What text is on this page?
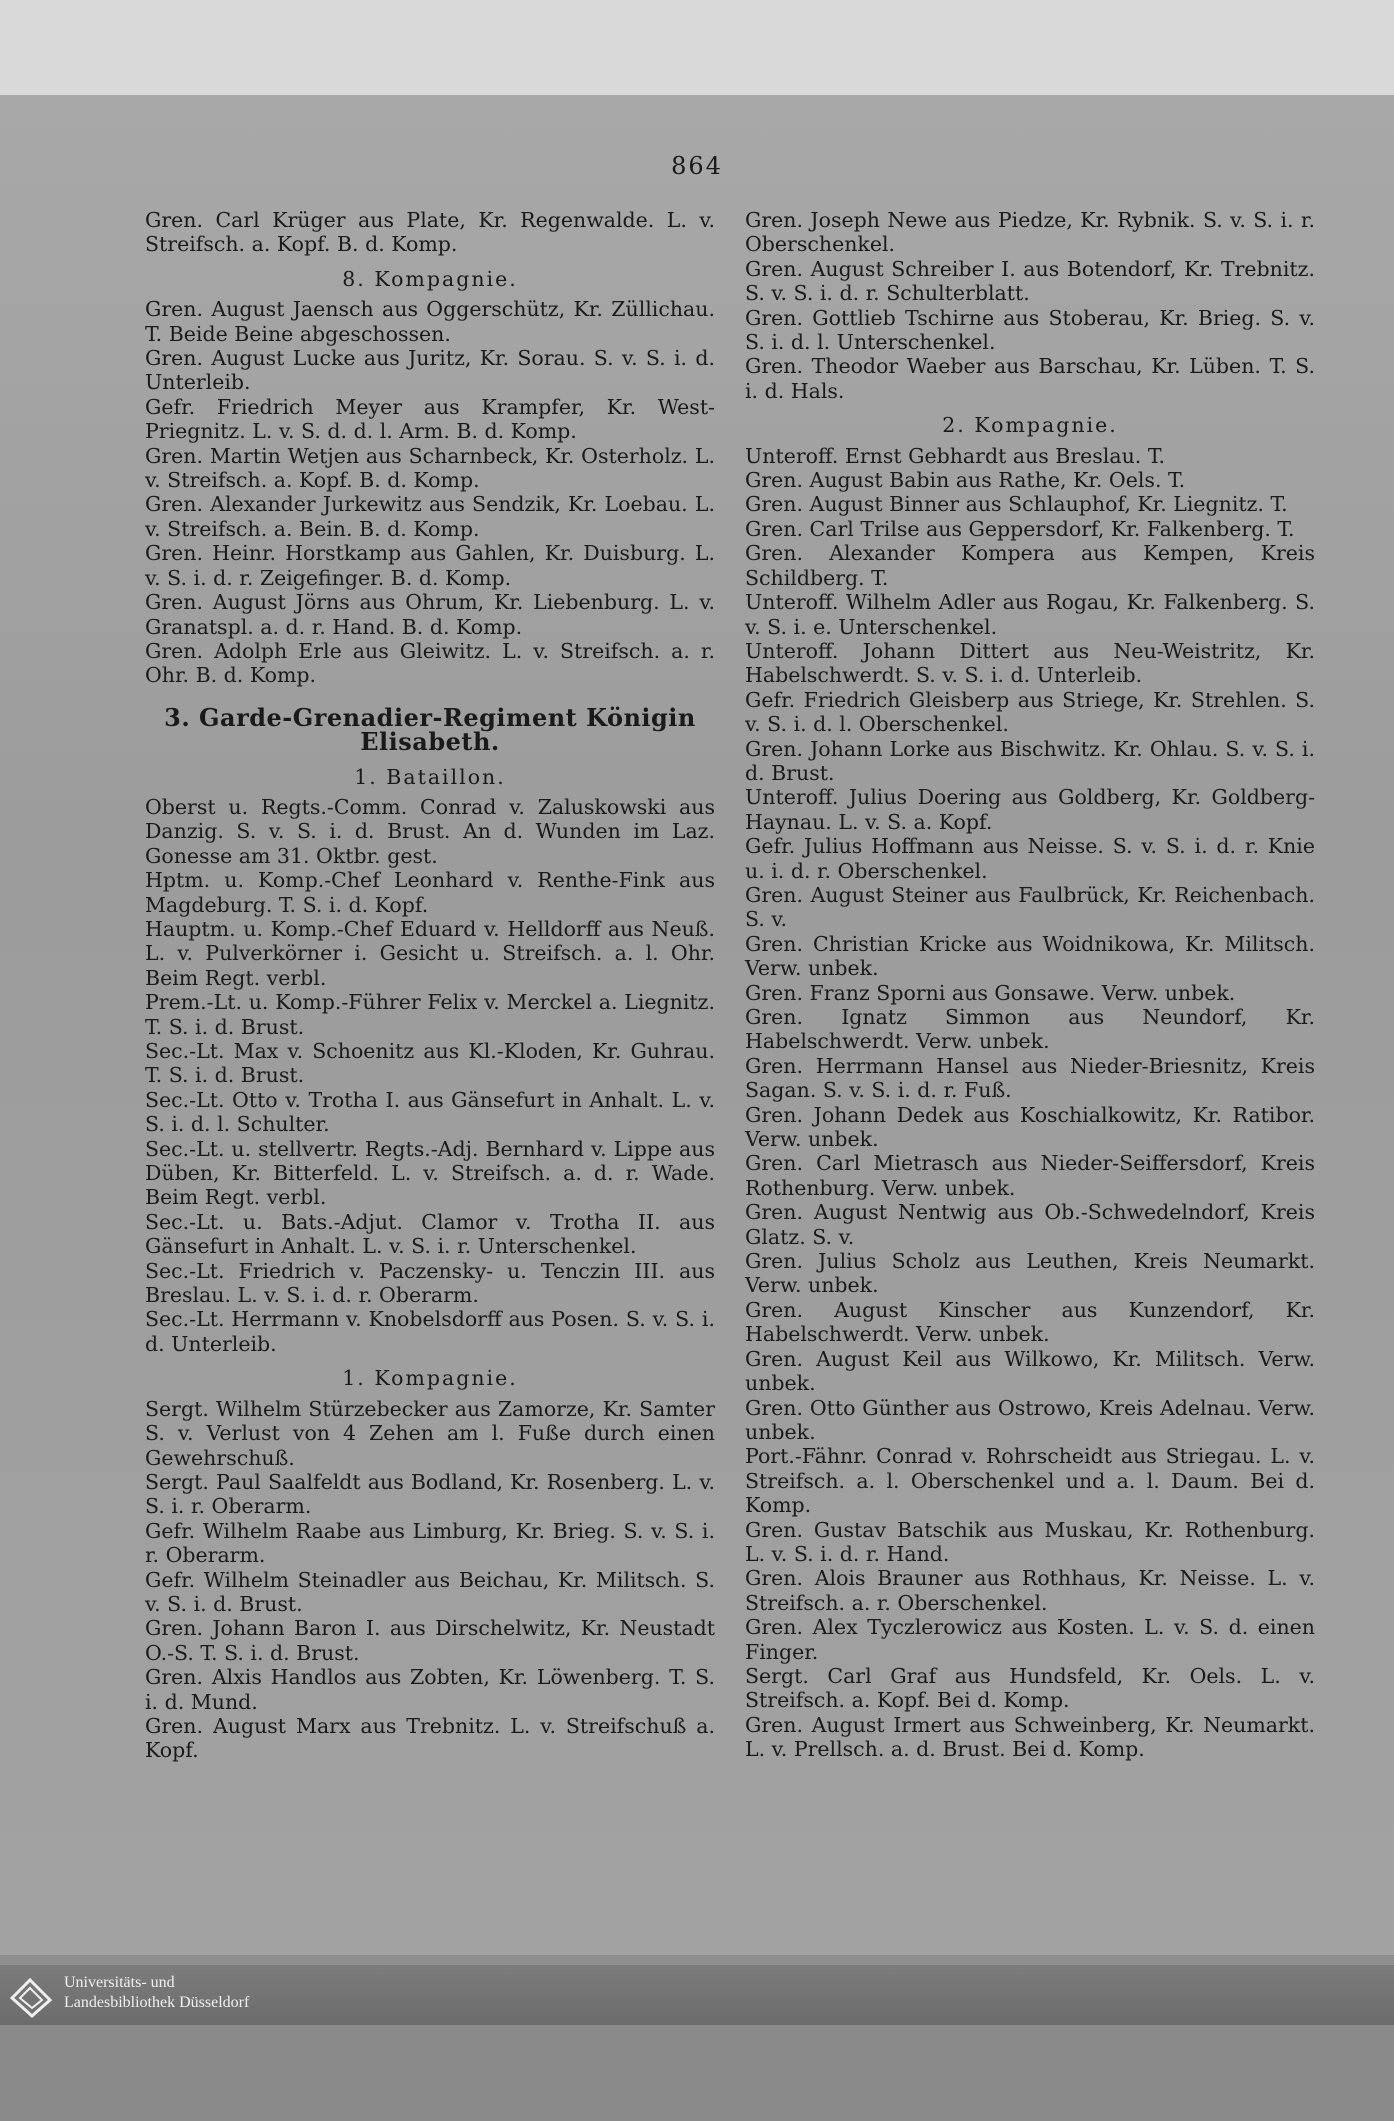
864

Gren. Carl Krüger aus Plate, Kr. Regenwalde. L. v. Streifsch. a. Kopf. B. d. Komp.

8. Kompagnie.

Gren. August Jaensch aus Oggerschütz, Kr. Züllichau. T. Beide Beine abgeschossen.

Gren. August Lucke aus Juritz, Kr. Sorau. S. v. S. i. d. Unterleib.

Gefr. Friedrich Meyer aus Krampfer, Kr. West-Priegnitz. L. v. S. d. d. l. Arm. B. d. Komp.

Gren. Martin Wetjen aus Scharnbeck, Kr. Osterholz. L. v. Streifsch. a. Kopf. B. d. Komp.

Gren. Alexander Jurkewitz aus Sendzik, Kr. Loebau. L. v. Streifsch. a. Bein. B. d. Komp.

Gren. Heinr. Horstkamp aus Gahlen, Kr. Duisburg. L. v. S. i. d. r. Zeigefinger. B. d. Komp.

Gren. August Jörns aus Ohrum, Kr. Liebenburg. L. v. Granatspl. a. d. r. Hand. B. d. Komp.

Gren. Adolph Erle aus Gleiwitz. L. v. Streifsch. a. r. Ohr. B. d. Komp.

3. Garde-Grenadier-Regiment Königin Elisabeth.

1. Bataillon.

Oberst u. Regts.-Comm. Conrad v. Zaluskowski aus Danzig. S. v. S. i. d. Brust. An d. Wunden im Laz. Gonesse am 31. Oktbr. gest.

Hptm. u. Komp.-Chef Leonhard v. Renthe-Fink aus Magdeburg. T. S. i. d. Kopf.

Hauptm. u. Komp.-Chef Eduard v. Helldorff aus Neuß. L. v. Pulverkörner i. Gesicht u. Streifsch. a. l. Ohr. Beim Regt. verbl.

Prem.-Lt. u. Komp.-Führer Felix v. Merckel a. Liegnitz. T. S. i. d. Brust.

Sec.-Lt. Max v. Schoenitz aus Kl.-Kloden, Kr. Guhrau. T. S. i. d. Brust.

Sec.-Lt. Otto v. Trotha I. aus Gänsefurt in Anhalt. L. v. S. i. d. l. Schulter.

Sec.-Lt. u. stellvertr. Regts.-Adj. Bernhard v. Lippe aus Düben, Kr. Bitterfeld. L. v. Streifsch. a. d. r. Wade. Beim Regt. verbl.

Sec.-Lt. u. Bats.-Adjut. Clamor v. Trotha II. aus Gänsefurt in Anhalt. L. v. S. i. r. Unterschenkel.

Sec.-Lt. Friedrich v. Paczensky- u. Tenczin III. aus Breslau. L. v. S. i. d. r. Oberarm.

Sec.-Lt. Herrmann v. Knobelsdorff aus Posen. S. v. S. i. d. Unterleib.

1. Kompagnie.

Sergt. Wilhelm Stürzebecker aus Zamorze, Kr. Samter S. v. Verlust von 4 Zehen am l. Fuße durch einen Gewehrschuß.

Sergt. Paul Saalfeldt aus Bodland, Kr. Rosenberg. L. v. S. i. r. Oberarm.

Gefr. Wilhelm Raabe aus Limburg, Kr. Brieg. S. v. S. i. r. Oberarm.

Gefr. Wilhelm Steinadler aus Beichau, Kr. Militsch. S. v. S. i. d. Brust.

Gren. Johann Baron I. aus Dirschelwitz, Kr. Neustadt O.-S. T. S. i. d. Brust.

Gren. Alxis Handlos aus Zobten, Kr. Löwenberg. T. S. i. d. Mund.

Gren. August Marx aus Trebnitz. L. v. Streifschuß a. Kopf.

Gren. Joseph Newe aus Piedze, Kr. Rybnik. S. v. S. i. r. Oberschenkel.

Gren. August Schreiber I. aus Botendorf, Kr. Trebnitz. S. v. S. i. d. r. Schulterblatt.

Gren. Gottlieb Tschirne aus Stoberau, Kr. Brieg. S. v. S. i. d. l. Unterschenkel.

Gren. Theodor Waeber aus Barschau, Kr. Lüben. T. S. i. d. Hals.

2. Kompagnie.

Unteroff. Ernst Gebhardt aus Breslau. T.

Gren. August Babin aus Rathe, Kr. Oels. T.

Gren. August Binner aus Schlauphof, Kr. Liegnitz. T.

Gren. Carl Trilse aus Geppersdorf, Kr. Falkenberg. T.

Gren. Alexander Kompera aus Kempen, Kreis Schildberg. T.

Unteroff. Wilhelm Adler aus Rogau, Kr. Falkenberg. S. v. S. i. e. Unterschenkel.

Unteroff. Johann Dittert aus Neu-Weistritz, Kr. Habelschwerdt. S. v. S. i. d. Unterleib.

Gefr. Friedrich Gleisberp aus Striege, Kr. Strehlen. S. v. S. i. d. l. Oberschenkel.

Gren. Johann Lorke aus Bischwitz. Kr. Ohlau. S. v. S. i. d. Brust.

Unteroff. Julius Doering aus Goldberg, Kr. Goldberg-Haynau. L. v. S. a. Kopf.

Gefr. Julius Hoffmann aus Neisse. S. v. S. i. d. r. Knie u. i. d. r. Oberschenkel.

Gren. August Steiner aus Faulbrück, Kr. Reichenbach. S. v.

Gren. Christian Kricke aus Woidnikowa, Kr. Militsch. Verw. unbek.

Gren. Franz Sporni aus Gonsawe. Verw. unbek.

Gren. Ignatz Simmon aus Neundorf, Kr. Habelschwerdt. Verw. unbek.

Gren. Herrmann Hansel aus Nieder-Briesnitz, Kreis Sagan. S. v. S. i. d. r. Fuß.

Gren. Johann Dedek aus Koschialkowitz, Kr. Ratibor. Verw. unbek.

Gren. Carl Mietrasch aus Nieder-Seiffersdorf, Kreis Rothenburg. Verw. unbek.

Gren. August Nentwig aus Ob.-Schwedelndorf, Kreis Glatz. S. v.

Gren. Julius Scholz aus Leuthen, Kreis Neumarkt. Verw. unbek.

Gren. August Kinscher aus Kunzendorf, Kr. Habelschwerdt. Verw. unbek.

Gren. August Keil aus Wilkowo, Kr. Militsch. Verw. unbek.

Gren. Otto Günther aus Ostrowo, Kreis Adelnau. Verw. unbek.

Port.-Fähnr. Conrad v. Rohrscheidt aus Striegau. L. v. Streifsch. a. l. Oberschenkel und a. l. Daum. Bei d. Komp.

Gren. Gustav Batschik aus Muskau, Kr. Rothenburg. L. v. S. i. d. r. Hand.

Gren. Alois Brauner aus Rothhaus, Kr. Neisse. L. v. Streifsch. a. r. Oberschenkel.

Gren. Alex Tyczlerowicz aus Kosten. L. v. S. d. einen Finger.

Sergt. Carl Graf aus Hundsfeld, Kr. Oels. L. v. Streifsch. a. Kopf. Bei d. Komp.

Gren. August Irmert aus Schweinberg, Kr. Neumarkt. L. v. Prellsch. a. d. Brust. Bei d. Komp.

Universitäts- und
Landesbibliothek Düsseldorf
